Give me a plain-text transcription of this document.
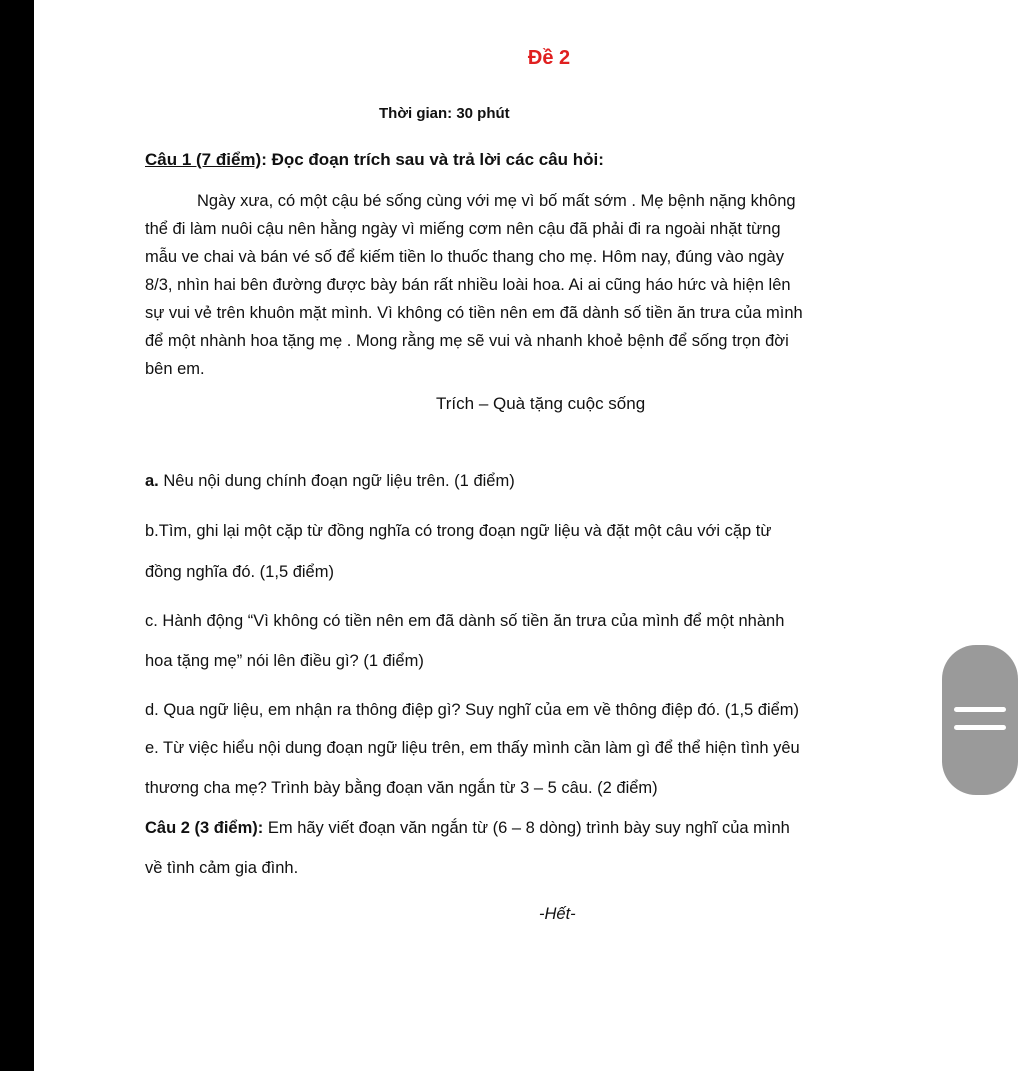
Đề 2
Thời gian: 30 phút
Câu 1 (7 điểm): Đọc đoạn trích sau và trả lời các câu hỏi:
Ngày xưa, có một cậu bé sống cùng với mẹ vì bố mất sớm . Mẹ bệnh nặng không
thể đi làm nuôi cậu nên hằng ngày vì miếng cơm nên cậu đã phải đi ra ngoài nhặt từng
mẫu ve chai và bán vé số để kiếm tiền lo thuốc thang cho mẹ. Hôm nay, đúng vào ngày
8/3, nhìn hai bên đường được bày bán rất nhiều loài hoa. Ai ai cũng háo hức và hiện lên
sự vui vẻ trên khuôn mặt mình. Vì không có tiền nên em đã dành số tiền ăn trưa của mình
để một nhành hoa tặng mẹ . Mong rằng mẹ sẽ vui và nhanh khoẻ bệnh để sống trọn đời
bên em.
Trích – Quà tặng cuộc sống
a. Nêu nội dung chính đoạn ngữ liệu trên. (1 điểm)
b.Tìm, ghi lại một cặp từ đồng nghĩa có trong đoạn ngữ liệu và đặt một câu với cặp từ
đồng nghĩa đó. (1,5 điểm)
c. Hành động “Vì không có tiền nên em đã dành số tiền ăn trưa của mình để một nhành
hoa tặng mẹ” nói lên điều gì? (1 điểm)
d. Qua ngữ liệu, em nhận ra thông điệp gì? Suy nghĩ của em về thông điệp đó. (1,5 điểm)
e. Từ việc hiểu nội dung đoạn ngữ liệu trên, em thấy mình cần làm gì để thể hiện tình yêu
thương cha mẹ? Trình bày bằng đoạn văn ngắn từ 3 – 5 câu. (2 điểm)
Câu 2 (3 điểm): Em hãy viết đoạn văn ngắn từ (6 – 8 dòng) trình bày suy nghĩ của mình
về tình cảm gia đình.
-Hết-
